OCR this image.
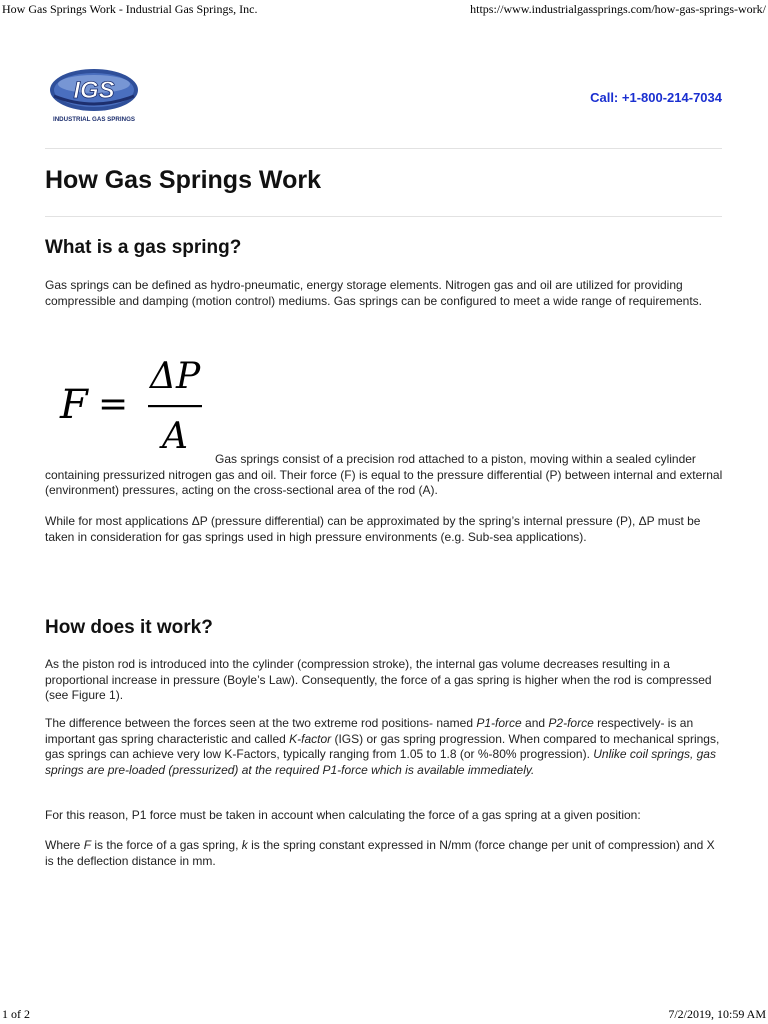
How Gas Springs Work - Industrial Gas Springs, Inc.	https://www.industrialgassprings.com/how-gas-springs-work/
IGS
INDUSTRIAL GAS SPRINGS
Call: +1-800-214-7034
How Gas Springs Work
What is a gas spring?

Gas springs can be defined as hydro-pneumatic, energy storage elements. Nitrogen gas and oil are utilized for providing compressible and damping (motion control) mediums. Gas springs can be configured to meet a wide range of requirements.

F =
ΔP
A

Gas springs consist of a precision rod attached to a piston, moving within a sealed cylinder containing pressurized nitrogen gas and oil. Their force (F) is equal to the pressure differential (P) between internal and external (environment) pressures, acting on the cross-sectional area of the rod (A).

While for most applications ΔP (pressure differential) can be approximated by the spring’s internal pressure (P), ΔP must be taken in consideration for gas springs used in high pressure environments (e.g. Sub-sea applications).

How does it work?

As the piston rod is introduced into the cylinder (compression stroke), the internal gas volume decreases resulting in a proportional increase in pressure (Boyle’s Law). Consequently, the force of a gas spring is higher when the rod is compressed (see Figure 1).

The difference between the forces seen at the two extreme rod positions- named P1-force and P2-force respectively- is an important gas spring characteristic and called K-factor (IGS) or gas spring progression. When compared to mechanical springs, gas springs can achieve very low K-Factors, typically ranging from 1.05 to 1.8 (or %-80% progression). Unlike coil springs, gas springs are pre-loaded (pressurized) at the required P1-force which is available immediately.

For this reason, P1 force must be taken in account when calculating the force of a gas spring at a given position:

Where F is the force of a gas spring, k is the spring constant expressed in N/mm (force change per unit of compression) and X is the deflection distance in mm.

1 of 2	7/2/2019, 10:59 AM
